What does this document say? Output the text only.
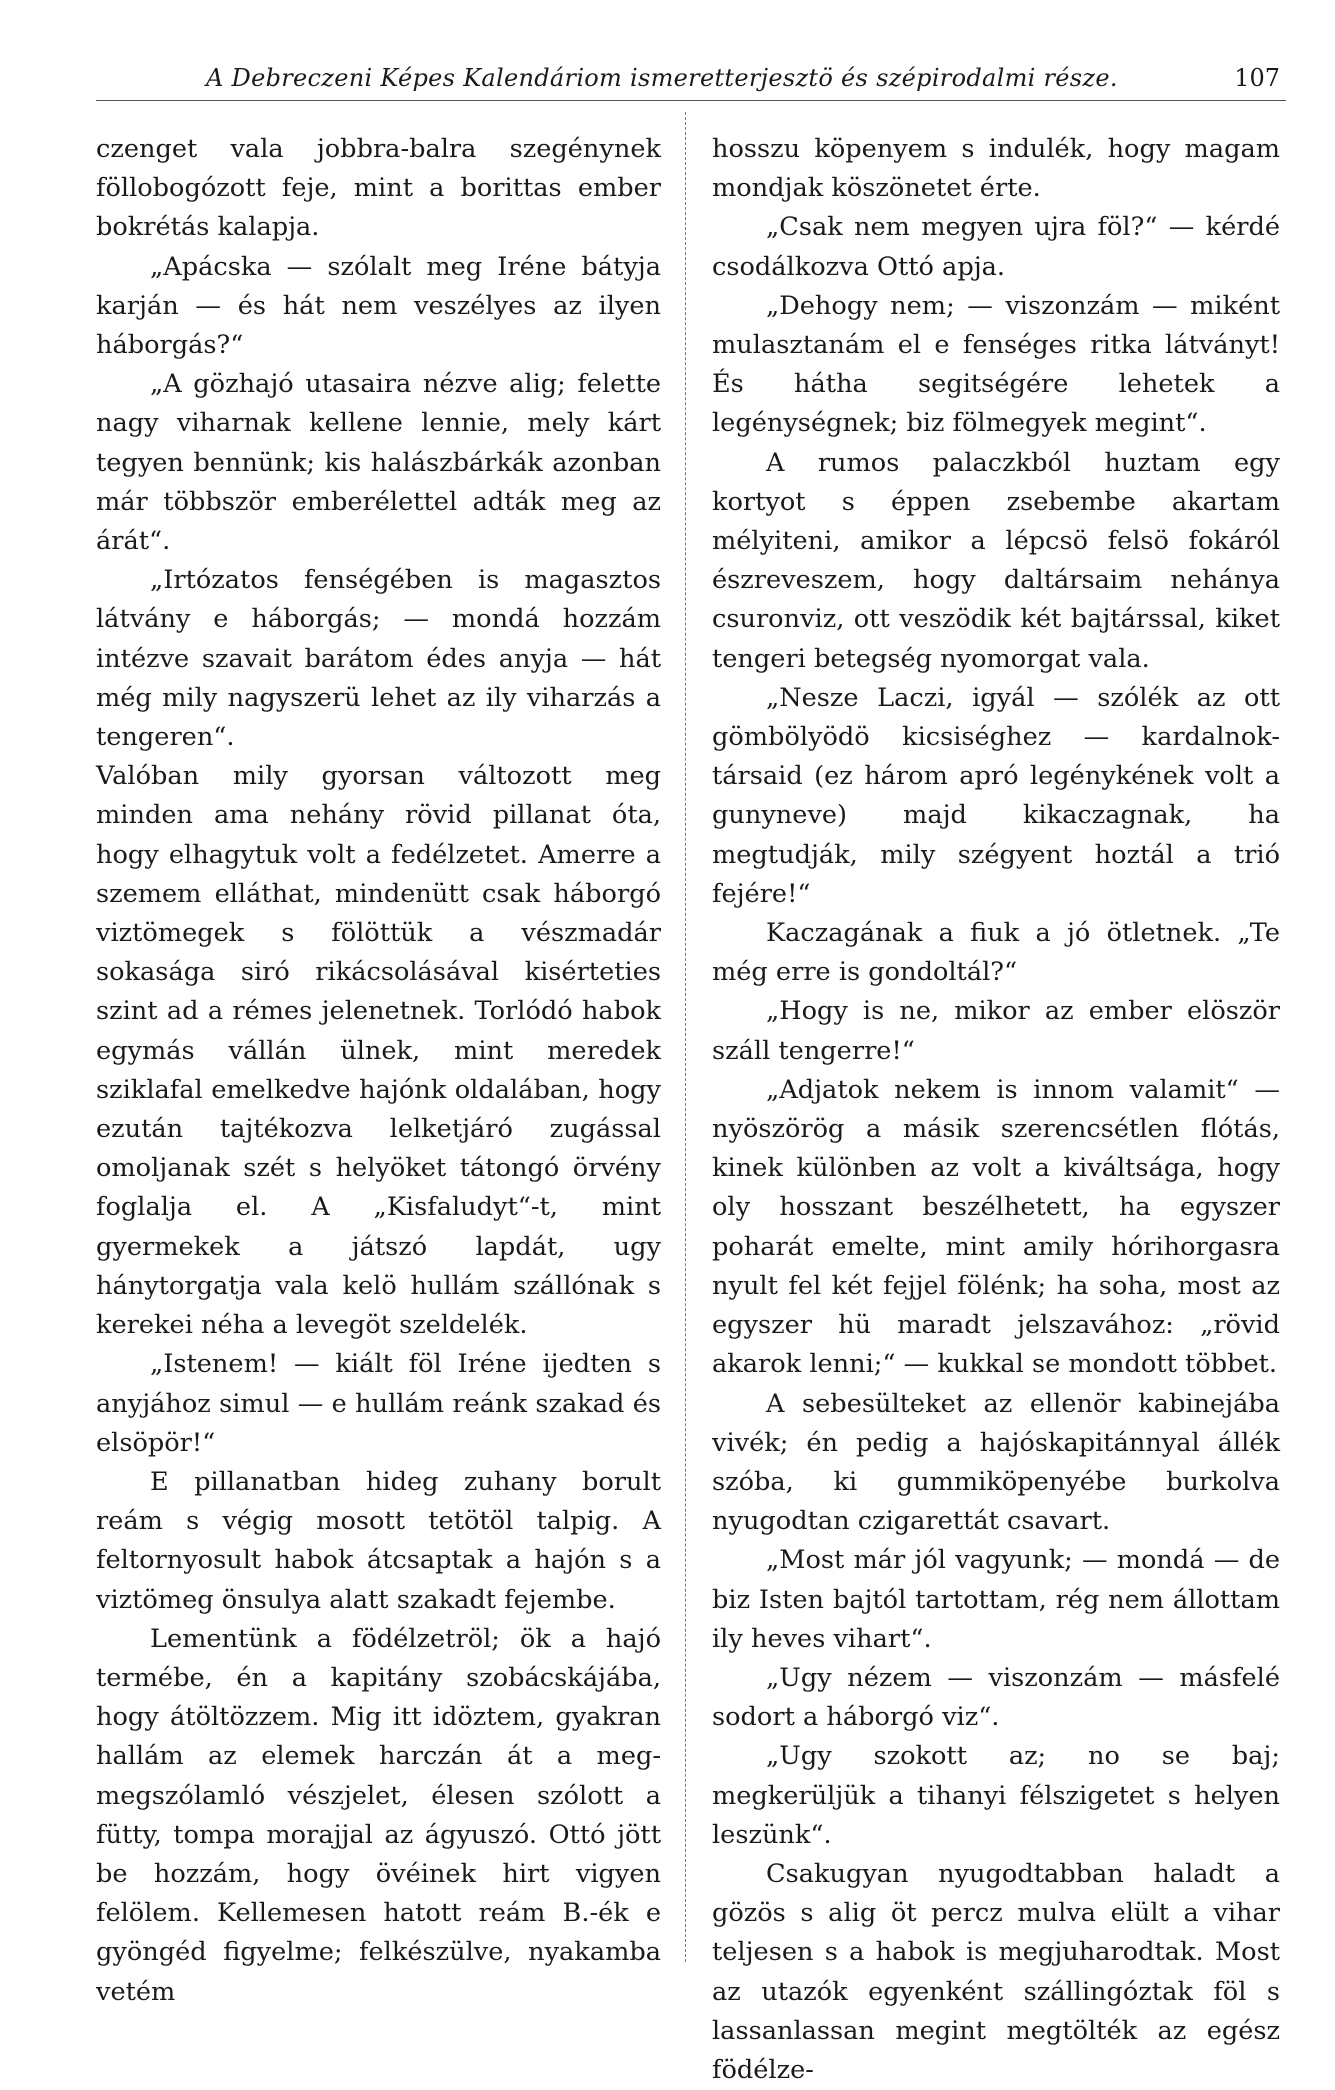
A Debreczeni Képes Kalendáriom ismeretterjesztö és szépirodalmi része.	107

czenget vala jobbra-balra szegénynek föllobogózott feje, mint a borittas ember bokrétás kalapja.

„Apácska — szólalt meg Iréne bátyja karján — és hát nem veszélyes az ilyen háborgás?“

„A gözhajó utasaira nézve alig; felette nagy viharnak kellene lennie, mely kárt tegyen bennünk; kis halászbárkák azonban már többször emberélettel adták meg az árát“.

„Irtózatos fenségében is magasztos látvány e háborgás; — mondá hozzám intézve szavait barátom édes anyja — hát még mily nagyszerü lehet az ily viharzás a tengeren“.

Valóban mily gyorsan változott meg minden ama nehány rövid pillanat óta, hogy elhagytuk volt a fedélzetet. Amerre a szemem elláthat, mindenütt csak háborgó viztömegek s fölöttük a vészmadár sokasága siró rikácsolásával kisérteties szint ad a rémes jelenetnek. Torlódó habok egymás vállán ülnek, mint meredek sziklafal emelkedve hajónk oldalában, hogy ezután tajtékozva lelketjáró zugással omoljanak szét s helyöket tátongó örvény foglalja el. A „Kisfaludyt“-t, mint gyermekek a játszó lapdát, ugy hánytorgatja vala kelö hullám szállónak s kerekei néha a levegöt szeldelék.

„Istenem! — kiált föl Iréne ijedten s anyjához simul — e hullám reánk szakad és elsöpör!“

E pillanatban hideg zuhany borult reám s végig mosott tetötöl talpig. A feltornyosult habok átcsaptak a hajón s a viztömeg önsulya alatt szakadt fejembe.

Lementünk a födélzetröl; ök a hajó termébe, én a kapitány szobácskájába, hogy átöltözzem. Mig itt idöztem, gyakran hallám az elemek harczán át a meg-megszólamló vészjelet, élesen szólott a fütty, tompa morajjal az ágyuszó. Ottó jött be hozzám, hogy övéinek hirt vigyen felölem. Kellemesen hatott reám B.-ék e gyöngéd figyelme; felkészülve, nyakamba vetém

hosszu köpenyem s indulék, hogy magam mondjak köszönetet érte.

„Csak nem megyen ujra föl?“ — kérdé csodálkozva Ottó apja.

„Dehogy nem; — viszonzám — miként mulasztanám el e fenséges ritka látványt! És hátha segitségére lehetek a legénységnek; biz fölmegyek megint“.

A rumos palaczkból huztam egy kortyot s éppen zsebembe akartam mélyiteni, amikor a lépcsö felsö fokáról észreveszem, hogy daltársaim nehánya csuronviz, ott veszödik két bajtárssal, kiket tengeri betegség nyomorgat vala.

„Nesze Laczi, igyál — szólék az ott gömbölyödö kicsiséghez — kardalnok-társaid (ez három apró legénykének volt a gunyneve) majd kikaczagnak, ha megtudják, mily szégyent hoztál a trió fejére!“

Kaczagának a fiuk a jó ötletnek. „Te még erre is gondoltál?“

„Hogy is ne, mikor az ember elöször száll tengerre!“

„Adjatok nekem is innom valamit“ — nyöszörög a másik szerencsétlen flótás, kinek különben az volt a kiváltsága, hogy oly hosszant beszélhetett, ha egyszer poharát emelte, mint amily hórihorgasra nyult fel két fejjel fölénk; ha soha, most az egyszer hü maradt jelszavához: „rövid akarok lenni;“ — kukkal se mondott többet.

A sebesülteket az ellenör kabinejába vivék; én pedig a hajóskapitánnyal állék szóba, ki gummiköpenyébe burkolva nyugodtan czigarettát csavart.

„Most már jól vagyunk; — mondá — de biz Isten bajtól tartottam, rég nem állottam ily heves vihart“.

„Ugy nézem — viszonzám — másfelé sodort a háborgó viz“.

„Ugy szokott az; no se baj; megkerüljük a tihanyi félszigetet s helyen leszünk“.

Csakugyan nyugodtabban haladt a gözös s alig öt percz mulva elült a vihar teljesen s a habok is megjuharodtak. Most az utazók egyenként szállingóztak föl s lassanlassan megint megtölték az egész födélze-
